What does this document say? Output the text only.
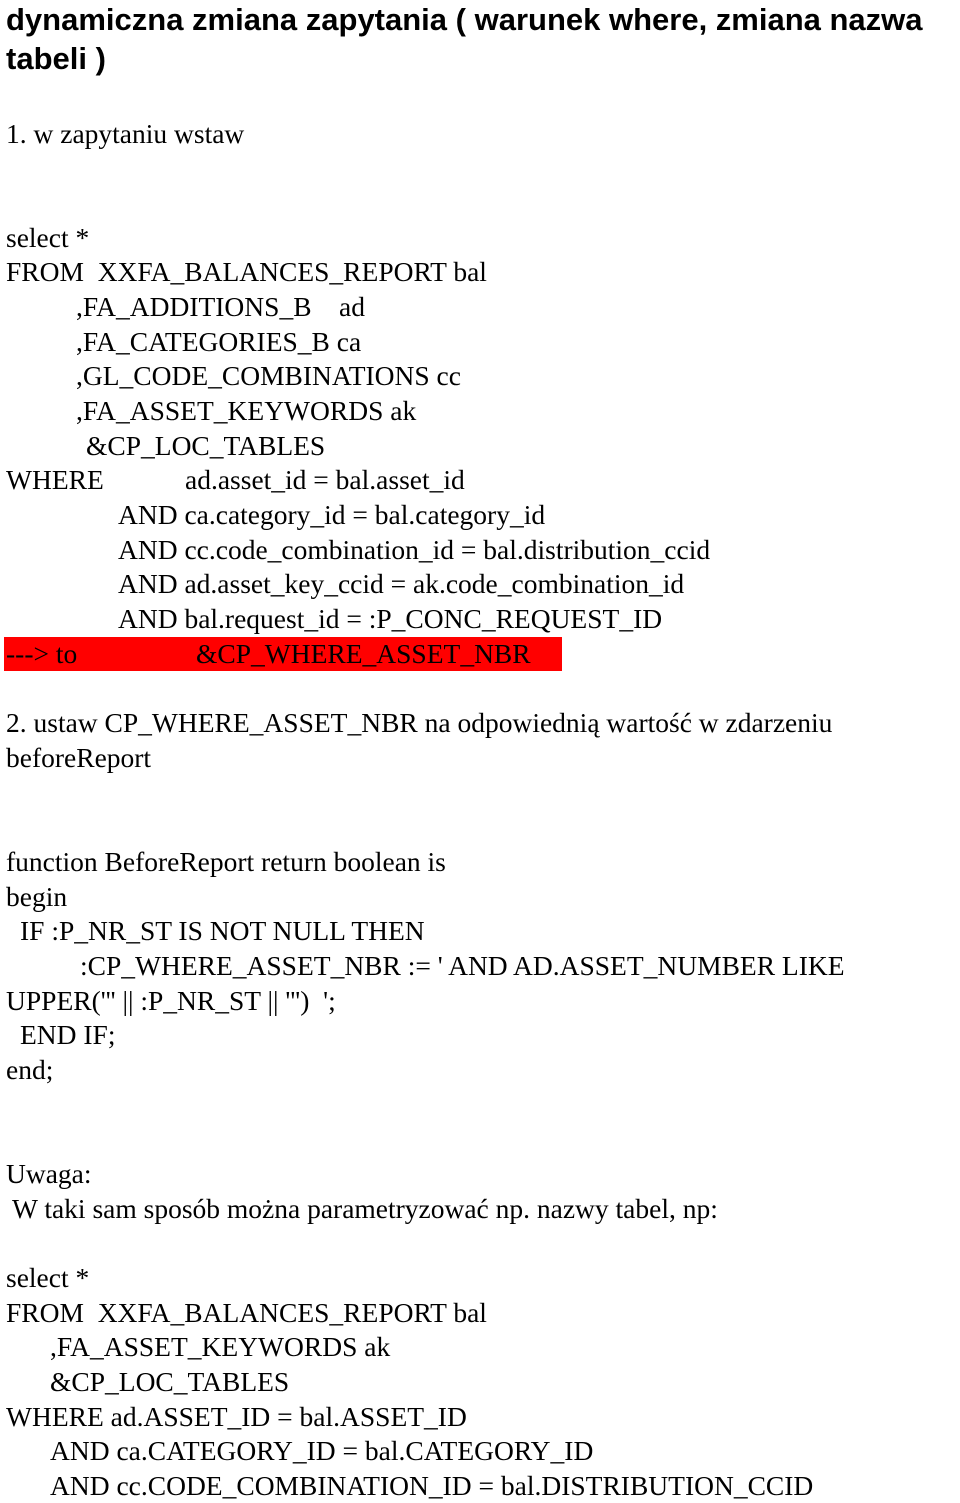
dynamiczna zmiana zapytania ( warunek where, zmiana nazwa tabeli )
1. w zapytaniu wstaw
select *
FROM  XXFA_BALANCES_REPORT bal
,FA_ADDITIONS_B    ad
,FA_CATEGORIES_B ca
,GL_CODE_COMBINATIONS cc
,FA_ASSET_KEYWORDS ak
&CP_LOC_TABLES
WHERE	ad.asset_id = bal.asset_id
AND ca.category_id = bal.category_id
AND cc.code_combination_id = bal.distribution_ccid
AND ad.asset_key_ccid = ak.code_combination_id
AND bal.request_id = :P_CONC_REQUEST_ID
---> to	&CP_WHERE_ASSET_NBR
2. ustaw CP_WHERE_ASSET_NBR na odpowiednią wartość w zdarzeniu
beforeReport
function BeforeReport return boolean is
begin
IF :P_NR_ST IS NOT NULL THEN
:CP_WHERE_ASSET_NBR := ' AND AD.ASSET_NUMBER LIKE
UPPER(''' || :P_NR_ST || ''')  ';
END IF;
end;
Uwaga:
W taki sam sposób można parametryzować np. nazwy tabel, np:
select *
FROM  XXFA_BALANCES_REPORT bal
,FA_ASSET_KEYWORDS ak
&CP_LOC_TABLES
WHERE ad.ASSET_ID = bal.ASSET_ID
AND ca.CATEGORY_ID = bal.CATEGORY_ID
AND cc.CODE_COMBINATION_ID = bal.DISTRIBUTION_CCID
